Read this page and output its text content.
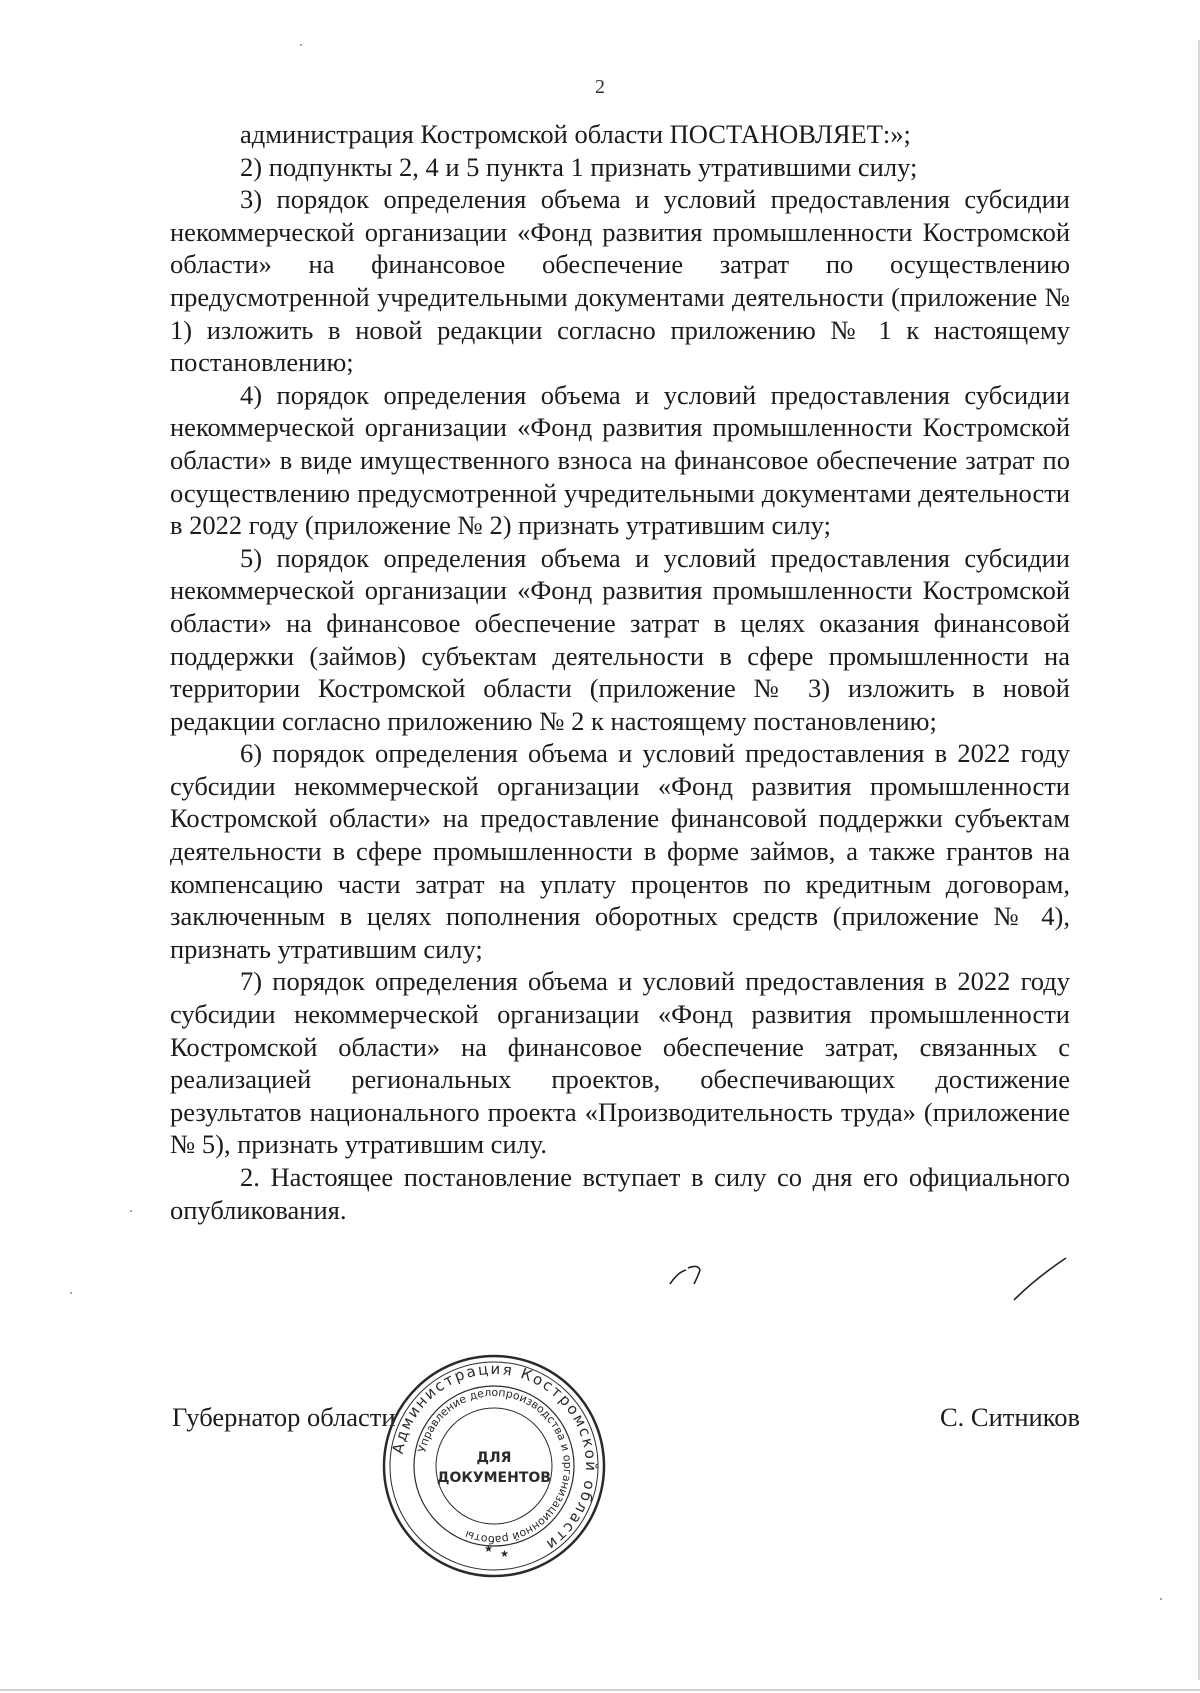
2

администрация Костромской области ПОСТАНОВЛЯЕТ:»;

2) подпункты 2, 4 и 5 пункта 1 признать утратившими силу;

3) порядок определения объема и условий предоставления субсидии некоммерческой организации «Фонд развития промышленности Костромской области» на финансовое обеспечение затрат по осуществлению предусмотренной учредительными документами деятельности (приложение № 1) изложить в новой редакции согласно приложению № 1 к настоящему постановлению;

4) порядок определения объема и условий предоставления субсидии некоммерческой организации «Фонд развития промышленности Костромской области» в виде имущественного взноса на финансовое обеспечение затрат по осуществлению предусмотренной учредительными документами деятельности в 2022 году (приложение № 2) признать утратившим силу;

5) порядок определения объема и условий предоставления субсидии некоммерческой организации «Фонд развития промышленности Костромской области» на финансовое обеспечение затрат в целях оказания финансовой поддержки (займов) субъектам деятельности в сфере промышленности на территории Костромской области (приложение № 3) изложить в новой редакции согласно приложению № 2 к настоящему постановлению;

6) порядок определения объема и условий предоставления в 2022 году субсидии некоммерческой организации «Фонд развития промышленности Костромской области» на предоставление финансовой поддержки субъектам деятельности в сфере промышленности в форме займов, а также грантов на компенсацию части затрат на уплату процентов по кредитным договорам, заключенным в целях пополнения оборотных средств (приложение № 4), признать утратившим силу;

7) порядок определения объема и условий предоставления в 2022 году субсидии некоммерческой организации «Фонд развития промышленности Костромской области» на финансовое обеспечение затрат, связанных с реализацией региональных проектов, обеспечивающих достижение результатов национального проекта «Производительность труда» (приложение № 5), признать утратившим силу.

2. Настоящее постановление вступает в силу со дня его официального опубликования.

Губернатор области	С. Ситников
Администрация Костромской области
Управление делопроизводства и организационной работы
ДЛЯ
ДОКУМЕНТОВ
★ ★
